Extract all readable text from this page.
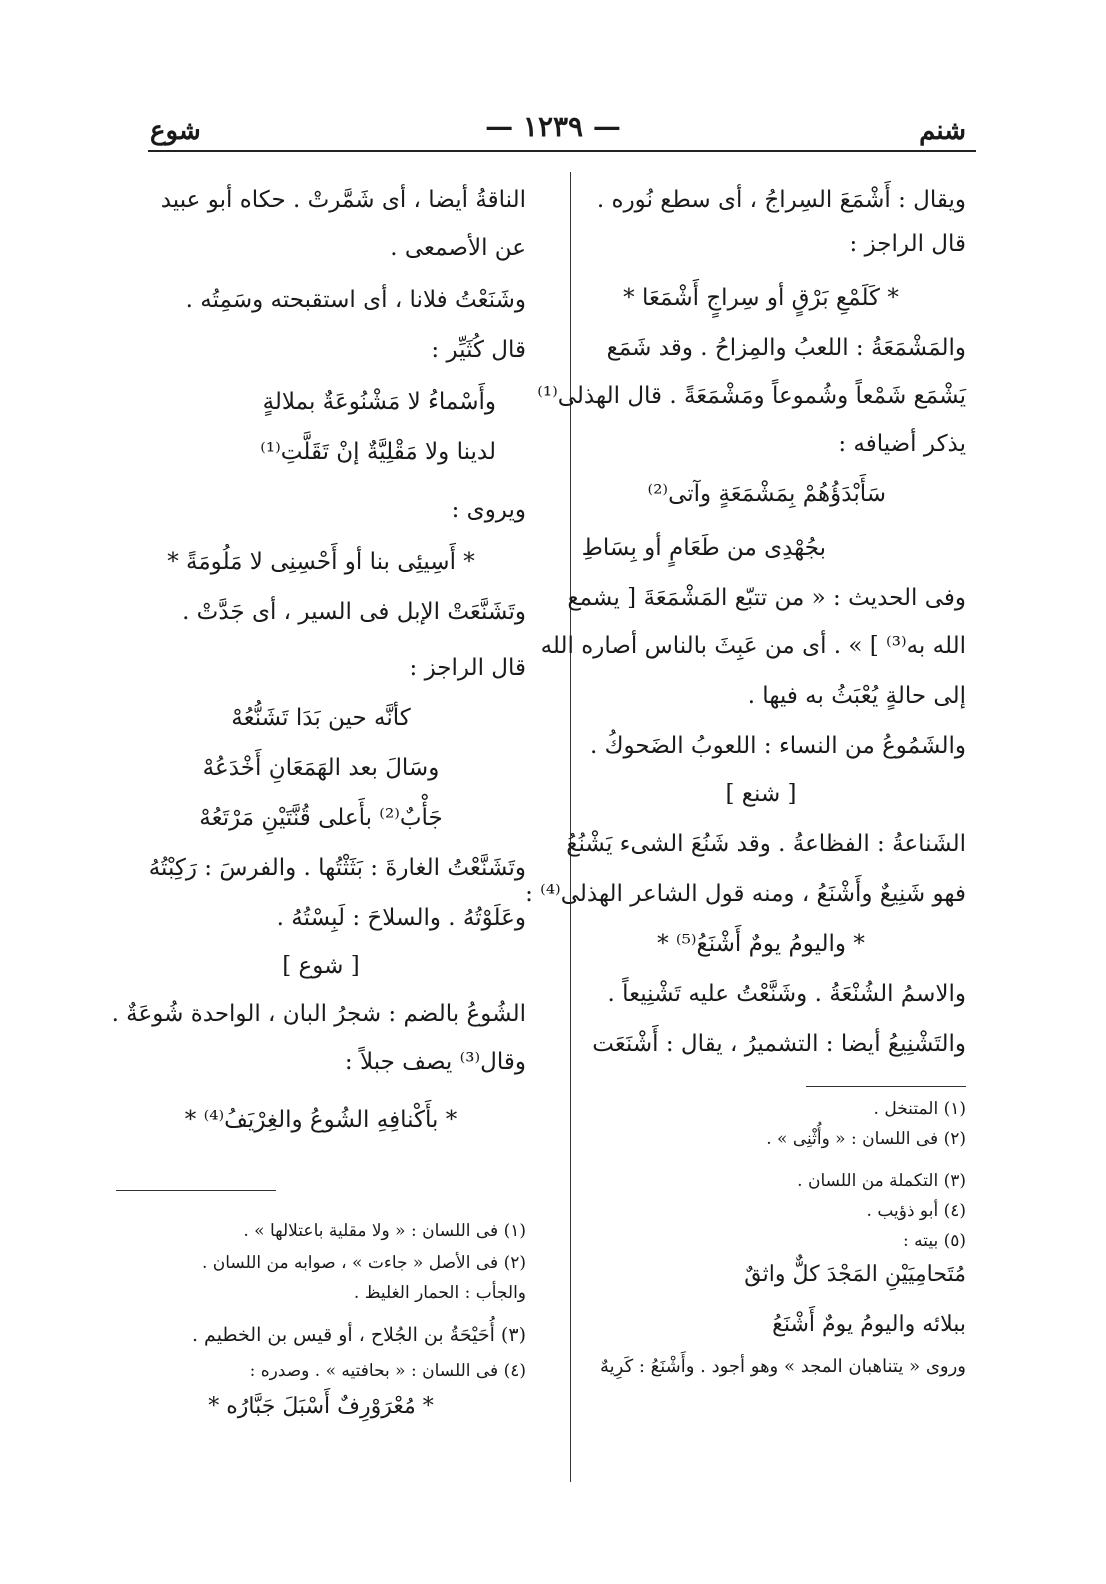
شنم
— ١٢٣٩ —
شوع
ويقال : أَشْمَعَ السِراجُ ، أى سطع نُوره .
قال الراجز :
* كَلَمْعِ بَرْقٍ أو سِراجٍ أَشْمَعَا *
والمَشْمَعَةُ : اللعبُ والمِزاحُ . وقد شَمَع
يَشْمَع شَمْعاً وشُموعاً ومَشْمَعَةً . قال الهذلى⁽¹⁾
يذكر أضيافه :
سَأَبْدَؤُهُمْ بِمَشْمَعَةٍ وآتى⁽²⁾
بجُهْدِى من طَعَامٍ أو بِسَاطِ
وفى الحديث : « من تتبّع المَشْمَعَةَ [ يشمع
الله به⁽³⁾ ] » . أى من عَبِثَ بالناس أصاره الله
إلى حالةٍ يُعْبَثُ به فيها .
والشَمُوعُ من النساء : اللعوبُ الضَحوكُ .
[ شنع ]
الشَناعةُ : الفظاعةُ . وقد شَنُعَ الشىء يَشْنُعُ
فهو شَنِيعٌ وأَشْنَعُ ، ومنه قول الشاعر الهذلى⁽⁴⁾ :
* واليومُ يومٌ أَشْنَعُ⁽⁵⁾ *
والاسمُ الشُنْعَةُ . وشَنَّعْتُ عليه تَشْنِيعاً .
والتَشْنِيعُ أيضا : التشميرُ ، يقال : أَشْنَعَت
(١) المتنخل .
(٢) فى اللسان : « وأُثْنِى » .
(٣) التكملة من اللسان .
(٤) أبو ذؤيب .
(٥) بيته :
مُتَحامِيَيْنِ المَجْدَ كلٌّ واثقٌ
ببلائه واليومُ يومٌ أَشْنَعُ
وروى « يتناهبان المجد » وهو أجود . وأَشْنَعُ : كَرِيهٌ
الناقةُ أيضا ، أى شَمَّرتْ . حكاه أبو عبيد
عن الأصمعى .
وشَنَعْتُ فلانا ، أى استقبحته وسَمِتُه .
قال كُثَيِّر :
وأَسْماءُ لا مَشْنُوعَةٌ بملالةٍ
لدينا ولا مَقْلِيَّةٌ إنْ تَقَلَّتِ⁽¹⁾
ويروى :
* أَسِيئِى بنا أو أَحْسِنِى لا مَلُومَةً *
وتَشَنَّعَتْ الإبل فى السير ، أى جَدَّتْ .
قال الراجز :
كأنَّه حين بَدَا تَشَنُّعُهْ
وسَالَ بعد الهَمَعَانِ أَخْدَعُهْ
جَأْبٌ⁽²⁾ بأَعلى قُنَّتَيْنِ مَرْتَعُهْ
وتَشَنَّعْتُ الغارةَ : بَثَثْتُها . والفرسَ : رَكِبْتُهُ
وعَلَوْتُهُ . والسلاحَ : لَبِسْتُهُ .
[ شوع ]
الشُوعُ بالضم : شجرُ البان ، الواحدة شُوعَةٌ .
وقال⁽³⁾ يصف جبلاً :
* بأَكْنافِهِ الشُوعُ والغِرْيَفُ⁽⁴⁾ *
(١) فى اللسان : « ولا مقلية باعتلالها » .
(٢) فى الأصل « جاءت » ، صوابه من اللسان .
والجأب : الحمار الغليظ .
(٣) أُحَيْحَةُ بن الجُلاح ، أو قيس بن الخطيم .
(٤) فى اللسان : « بحافتيه » . وصدره :
* مُعْرَوْرِفٌ أَسْبَلَ جَبَّارُه *
